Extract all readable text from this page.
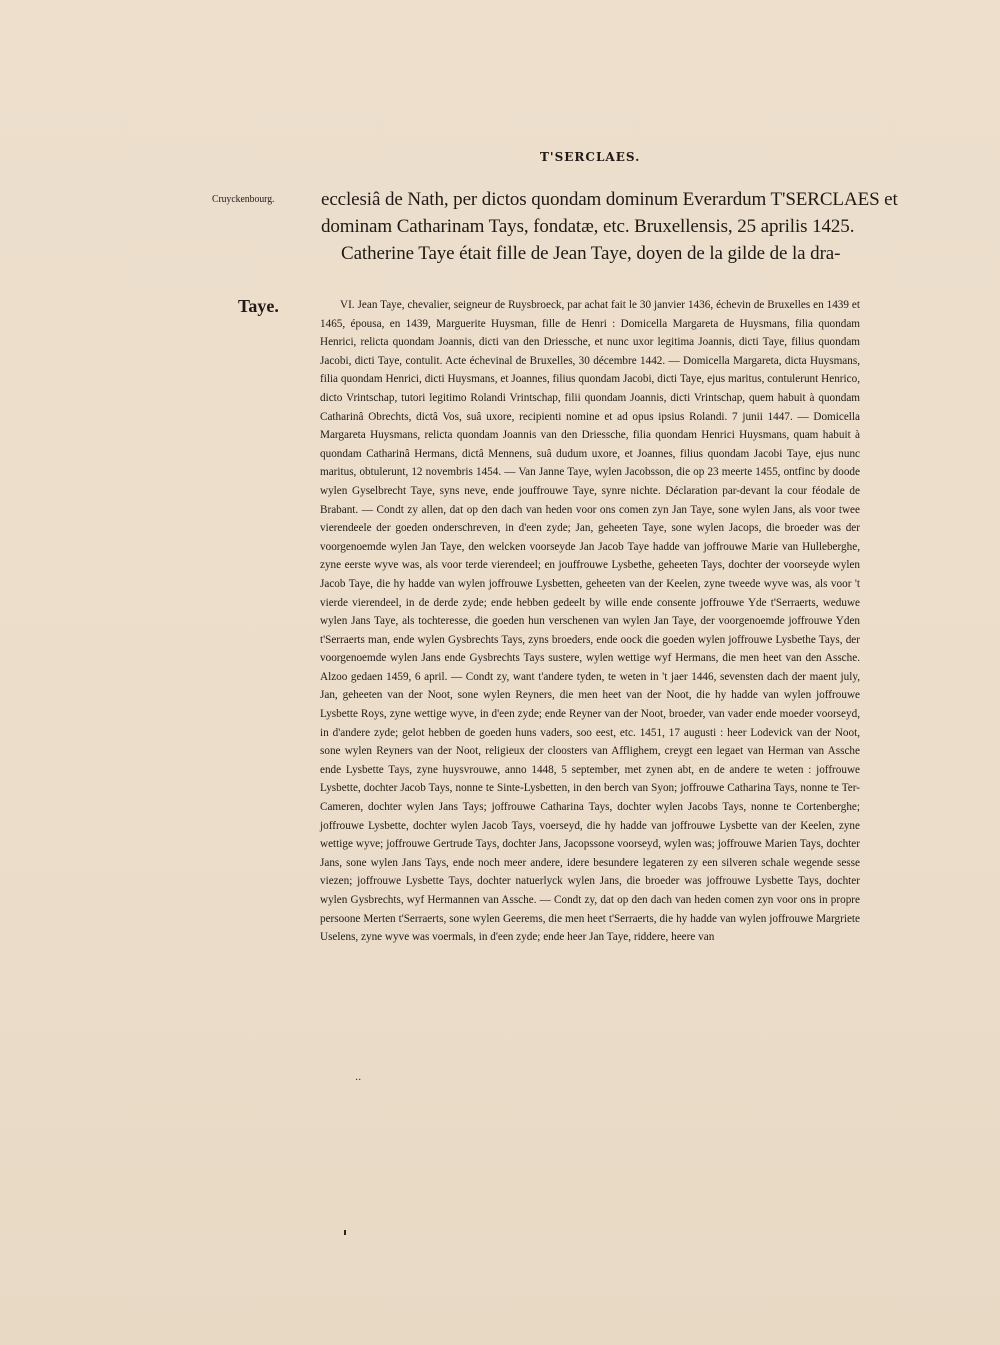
T'SERCLAES.
Cruyckenbourg. ecclesiâ de Nath, per dictos quondam dominum Everardum T'SERCLAES et
dominam Catharinam Tays, fondatæ, etc. Bruxellensis, 25 aprilis 1425.
Catherine Taye était fille de Jean Taye, doyen de la gilde de la dra-
Taye.	VI. Jean Taye, chevalier, seigneur de Ruysbroeck, par achat fait le 30 janvier 1436, échevin de Bruxelles en 1439 et 1465, épousa, en 1439, Marguerite Huysman, fille de Henri : Domicella Margareta de Huysmans, filia quondam Henrici, relicta quondam Joannis, dicti van den Driessche, et nunc uxor legitima Joannis, dicti Taye, filius quondam Jacobi, dicti Taye, contulit. Acte échevinal de Bruxelles, 30 décembre 1442. — Domicella Margareta, dicta Huysmans, filia quondam Henrici, dicti Huysmans, et Joannes, filius quondam Jacobi, dicti Taye, ejus maritus, contulerunt Henrico, dicto Vrintschap, tutori legitimo Rolandi Vrintschap, filii quondam Joannis, dicti Vrintschap, quem habuit à quondam Catharinâ Obrechts, dictâ Vos, suâ uxore, recipienti nomine et ad opus ipsius Rolandi. 7 junii 1447. — Domicella Margareta Huysmans, relicta quondam Joannis van den Driessche, filia quondam Henrici Huysmans, quam habuit à quondam Catharinâ Hermans, dictâ Mennens, suâ dudum uxore, et Joannes, filius quondam Jacobi Taye, ejus nunc maritus, obtulerunt, 12 novembris 1454. — Van Janne Taye, wylen Jacobsson, die op 23 meerte 1455, ontfinc by doode wylen Gyselbrecht Taye, syns neve, ende jouffrouwe Taye, synre nichte. Déclaration par-devant la cour féodale de Brabant. — Condt zy allen, dat op den dach van heden voor ons comen zyn Jan Taye, sone wylen Jans, als voor twee vierendeele der goeden onderschreven, in d'een zyde; Jan, geheeten Taye, sone wylen Jacops, die broeder was der voorgenoemde wylen Jan Taye, den welcken voorseyde Jan Jacob Taye hadde van joffrouwe Marie van Hulleberghe, zyne eerste wyve was, als voor terde vierendeel; en jouffrouwe Lysbethe, geheeten Tays, dochter der voorseyde wylen Jacob Taye, die hy hadde van wylen joffrouwe Lysbetten, geheeten van der Keelen, zyne tweede wyve was, als voor 't vierde vierendeel, in de derde zyde; ende hebben gedeelt by wille ende consente joffrouwe Yde t'Serraerts, weduwe wylen Jans Taye, als tochteresse, die goeden hun verschenen van wylen Jan Taye, der voorgenoemde joffrouwe Yden t'Serraerts man, ende wylen Gysbrechts Tays, zyns broeders, ende oock die goeden wylen joffrouwe Lysbethe Tays, der voorgenoemde wylen Jans ende Gysbrechts Tays sustere, wylen wettige wyf Hermans, die men heet van den Assche. Alzoo gedaen 1459, 6 april. — Condt zy, want t'andere tyden, te weten in 't jaer 1446, sevensten dach der maent july, Jan, geheeten van der Noot, sone wylen Reyners, die men heet van der Noot, die hy hadde van wylen joffrouwe Lysbette Roys, zyne wettige wyve, in d'een zyde; ende Reyner van der Noot, broeder, van vader ende moeder voorseyd, in d'andere zyde; gelot hebben de goeden huns vaders, soo eest, etc. 1451, 17 augusti : heer Lodevick van der Noot, sone wylen Reyners van der Noot, religieux der cloosters van Afflighem, creygt een legaet van Herman van Assche ende Lysbette Tays, zyne huysvrouwe, anno 1448, 5 september, met zynen abt, en de andere te weten : joffrouwe Lysbette, dochter Jacob Tays, nonne te Sinte-Lysbetten, in den berch van Syon; joffrouwe Catharina Tays, nonne te Ter-Cameren, dochter wylen Jans Tays; joffrouwe Catharina Tays, dochter wylen Jacobs Tays, nonne te Cortenberghe; joffrouwe Lysbette, dochter wylen Jacob Tays, voerseyd, die hy hadde van joffrouwe Lysbette van der Keelen, zyne wettige wyve; joffrouwe Gertrude Tays, dochter Jans, Jacopssone voorseyd, wylen was; joffrouwe Marien Tays, dochter Jans, sone wylen Jans Tays, ende noch meer andere, idere besundere legateren zy een silveren schale wegende sesse viezen; joffrouwe Lysbette Tays, dochter natuerlyck wylen Jans, die broeder was joffrouwe Lysbette Tays, dochter wylen Gysbrechts, wyf Hermannen van Assche. — Condt zy, dat op den dach van heden comen zyn voor ons in propre persoone Merten t'Serraerts, sone wylen Geerems, die men heet t'Serraerts, die hy hadde van wylen joffrouwe Margriete Uselens, zyne wyve was voermals, in d'een zyde; ende heer Jan Taye, riddere, heere van

..
